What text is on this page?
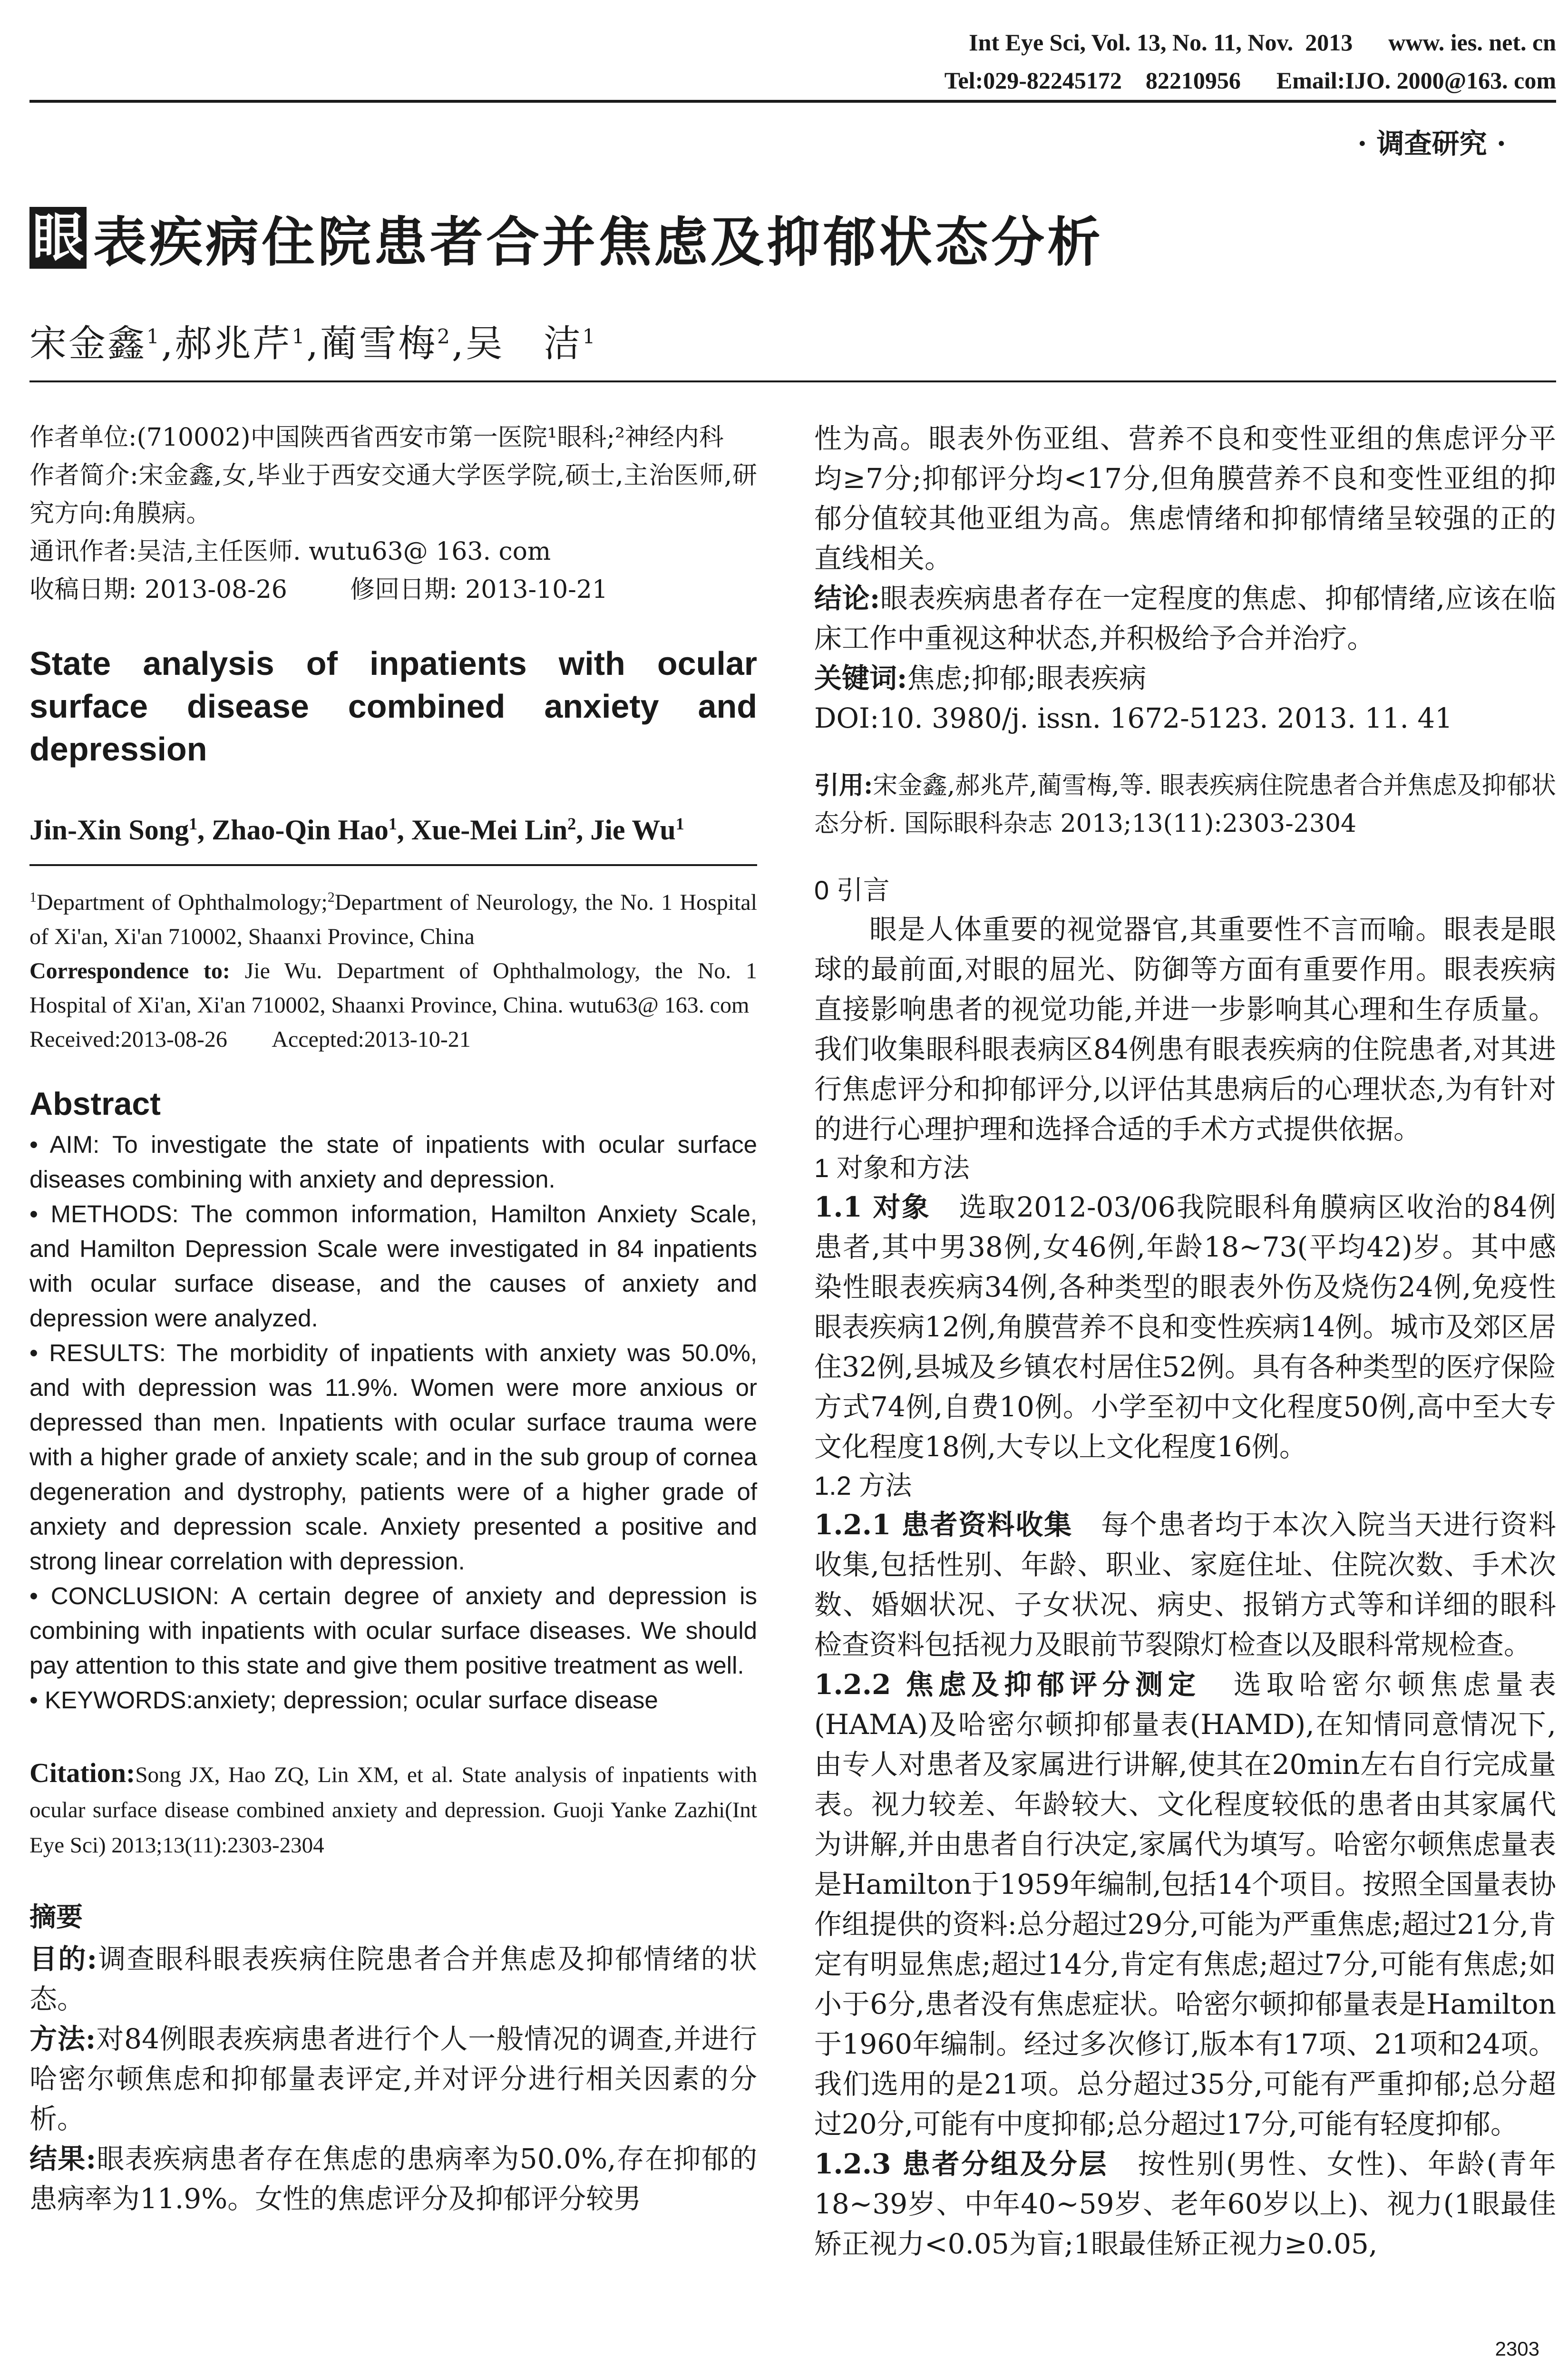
Int Eye Sci, Vol. 13, No. 11, Nov.  2013      www. ies. net. cn
Tel:029-82245172    82210956      Email:IJO. 2000@163. com
· 调查研究 ·
眼 表疾病住院患者合并焦虑及抑郁状态分析
宋金鑫$^1$,郝兆芹$^1$,蔺雪梅$^2$,吴　洁$^1$

作者单位:(710002)中国陕西省西安市第一医院¹眼科;²神经内科

作者简介:宋金鑫,女,毕业于西安交通大学医学院,硕士,主治医师,研究方向:角膜病。

通讯作者:吴洁,主任医师. wutu63@ 163. com

收稿日期: 2013-08-26        修回日期: 2013-10-21

State analysis of inpatients with ocular surface disease combined anxiety and depression
Jin-Xin Song$^1$, Zhao-Qin Hao$^1$, Xue-Mei Lin$^2$, Jie Wu$^1$

$^1$Department of Ophthalmology;$^2$Department of Neurology, the No. 1 Hospital of Xi'an, Xi'an 710002, Shaanxi Province, China

Correspondence to: Jie Wu. Department of Ophthalmology, the No. 1 Hospital of Xi'an, Xi'an 710002, Shaanxi Province, China. wutu63@ 163. com

Received:2013-08-26        Accepted:2013-10-21

Abstract

• AIM: To investigate the state of inpatients with ocular surface diseases combining with anxiety and depression.

• METHODS: The common information, Hamilton Anxiety Scale, and Hamilton Depression Scale were investigated in 84 inpatients with ocular surface disease, and the causes of anxiety and depression were analyzed.

• RESULTS: The morbidity of inpatients with anxiety was 50.0%, and with depression was 11.9%. Women were more anxious or depressed than men. Inpatients with ocular surface trauma were with a higher grade of anxiety scale; and in the sub group of cornea degeneration and dystrophy, patients were of a higher grade of anxiety and depression scale. Anxiety presented a positive and strong linear correlation with depression.

• CONCLUSION: A certain degree of anxiety and depression is combining with inpatients with ocular surface diseases. We should pay attention to this state and give them positive treatment as well.

• KEYWORDS:anxiety; depression; ocular surface disease

Citation:Song JX, Hao ZQ, Lin XM, et al. State analysis of inpatients with ocular surface disease combined anxiety and depression. Guoji Yanke Zazhi(Int Eye Sci) 2013;13(11):2303-2304

摘要

目的:调查眼科眼表疾病住院患者合并焦虑及抑郁情绪的状态。

方法:对84例眼表疾病患者进行个人一般情况的调查,并进行哈密尔顿焦虑和抑郁量表评定,并对评分进行相关因素的分析。

结果:眼表疾病患者存在焦虑的患病率为50.0%,存在抑郁的患病率为11.9%。女性的焦虑评分及抑郁评分较男

性为高。眼表外伤亚组、营养不良和变性亚组的焦虑评分平均≥7分;抑郁评分均<17分,但角膜营养不良和变性亚组的抑郁分值较其他亚组为高。焦虑情绪和抑郁情绪呈较强的正的直线相关。

结论:眼表疾病患者存在一定程度的焦虑、抑郁情绪,应该在临床工作中重视这种状态,并积极给予合并治疗。

关键词:焦虑;抑郁;眼表疾病

DOI:10. 3980/j. issn. 1672-5123. 2013. 11. 41

引用:宋金鑫,郝兆芹,蔺雪梅,等. 眼表疾病住院患者合并焦虑及抑郁状态分析. 国际眼科杂志 2013;13(11):2303-2304

0 引言

眼是人体重要的视觉器官,其重要性不言而喻。眼表是眼球的最前面,对眼的屈光、防御等方面有重要作用。眼表疾病直接影响患者的视觉功能,并进一步影响其心理和生存质量。我们收集眼科眼表病区84例患有眼表疾病的住院患者,对其进行焦虑评分和抑郁评分,以评估其患病后的心理状态,为有针对的进行心理护理和选择合适的手术方式提供依据。

1 对象和方法

1.1 对象　 选取2012-03/06我院眼科角膜病区收治的84例患者,其中男38例,女46例,年龄18~73(平均42)岁。其中感染性眼表疾病34例,各种类型的眼表外伤及烧伤24例,免疫性眼表疾病12例,角膜营养不良和变性疾病14例。城市及郊区居住32例,县城及乡镇农村居住52例。具有各种类型的医疗保险方式74例,自费10例。小学至初中文化程度50例,高中至大专文化程度18例,大专以上文化程度16例。

1.2 方法

1.2.1 患者资料收集　 每个患者均于本次入院当天进行资料收集,包括性别、年龄、职业、家庭住址、住院次数、手术次数、婚姻状况、子女状况、病史、报销方式等和详细的眼科检查资料包括视力及眼前节裂隙灯检查以及眼科常规检查。

1.2.2 焦虑及抑郁评分测定　 选取哈密尔顿焦虑量表(HAMA)及哈密尔顿抑郁量表(HAMD),在知情同意情况下,由专人对患者及家属进行讲解,使其在20min左右自行完成量表。视力较差、年龄较大、文化程度较低的患者由其家属代为讲解,并由患者自行决定,家属代为填写。哈密尔顿焦虑量表是Hamilton于1959年编制,包括14个项目。按照全国量表协作组提供的资料:总分超过29分,可能为严重焦虑;超过21分,肯定有明显焦虑;超过14分,肯定有焦虑;超过7分,可能有焦虑;如小于6分,患者没有焦虑症状。哈密尔顿抑郁量表是Hamilton于1960年编制。经过多次修订,版本有17项、21项和24项。我们选用的是21项。总分超过35分,可能有严重抑郁;总分超过20分,可能有中度抑郁;总分超过17分,可能有轻度抑郁。

1.2.3 患者分组及分层　 按性别(男性、女性)、年龄(青年18~39岁、中年40~59岁、老年60岁以上)、视力(1眼最佳矫正视力<0.05为盲;1眼最佳矫正视力≥0.05,

2303
